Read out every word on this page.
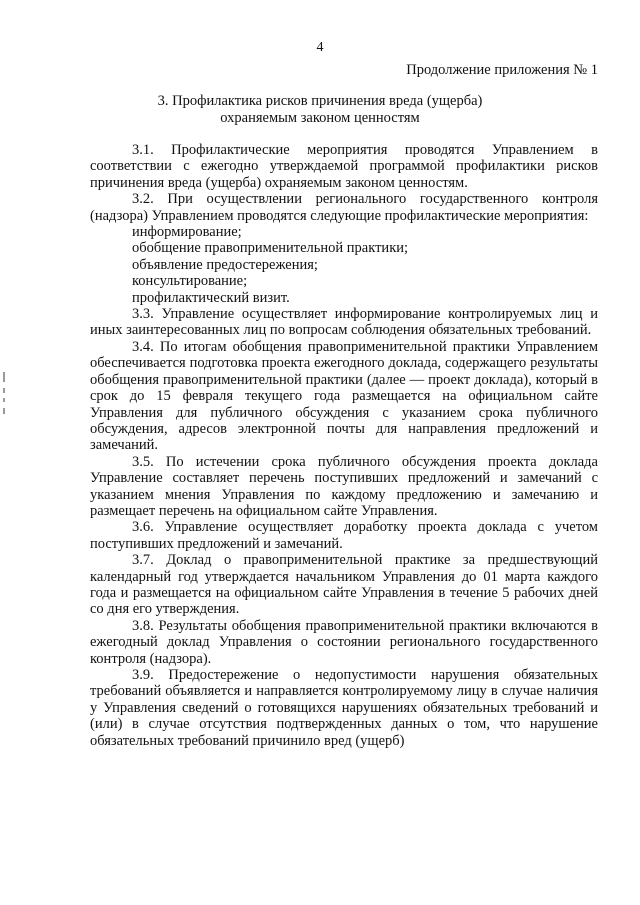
4
Продолжение приложения № 1
3. Профилактика рисков причинения вреда (ущерба)
охраняемым законом ценностям

3.1. Профилактические мероприятия проводятся Управлением в соответствии с ежегодно утверждаемой программой профилактики рисков причинения вреда (ущерба) охраняемым законом ценностям.

3.2. При осуществлении регионального государственного контроля (надзора) Управлением проводятся следующие профилактические мероприятия:

информирование;
обобщение правоприменительной практики;
объявление предостережения;
консультирование;
профилактический визит.

3.3. Управление осуществляет информирование контролируемых лиц и иных заинтересованных лиц по вопросам соблюдения обязательных требований.

3.4. По итогам обобщения правоприменительной практики Управлением обеспечивается подготовка проекта ежегодного доклада, содержащего результаты обобщения правоприменительной практики (далее — проект доклада), который в срок до 15 февраля текущего года размещается на официальном сайте Управления для публичного обсуждения с указанием срока публичного обсуждения, адресов электронной почты для направления предложений и замечаний.

3.5. По истечении срока публичного обсуждения проекта доклада Управление составляет перечень поступивших предложений и замечаний с указанием мнения Управления по каждому предложению и замечанию и размещает перечень на официальном сайте Управления.

3.6. Управление осуществляет доработку проекта доклада с учетом поступивших предложений и замечаний.

3.7. Доклад о правоприменительной практике за предшествующий календарный год утверждается начальником Управления до 01 марта каждого года и размещается на официальном сайте Управления в течение 5 рабочих дней со дня его утверждения.

3.8. Результаты обобщения правоприменительной практики включаются в ежегодный доклад Управления о состоянии регионального государственного контроля (надзора).

3.9. Предостережение о недопустимости нарушения обязательных требований объявляется и направляется контролируемому лицу в случае наличия у Управления сведений о готовящихся нарушениях обязательных требований и (или) в случае отсутствия подтвержденных данных о том, что нарушение обязательных требований причинило вред (ущерб)
